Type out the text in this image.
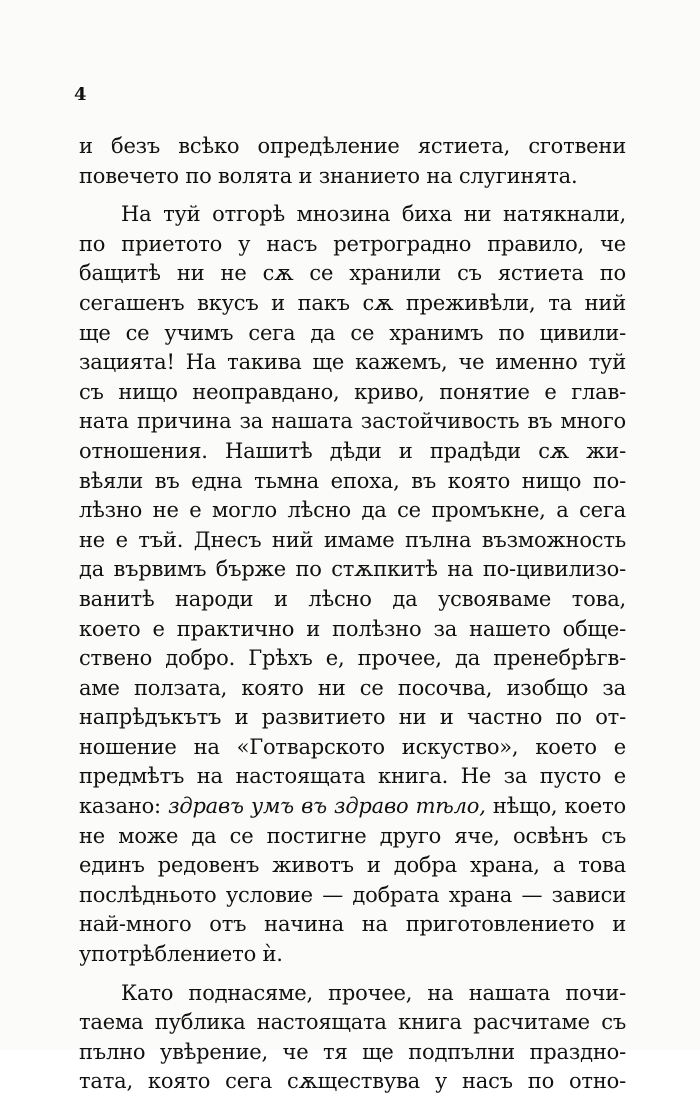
4
и безъ всѣко опредѣление ястиета, сготвени
повечето по волята и знанието на слугинята.
На туй отгорѣ мнозина биха ни натякнали,
по приетото у насъ ретроградно правило, че
бащитѣ ни не сѫ се хранили съ ястиета по
сегашенъ вкусъ и пакъ сѫ преживѣли, та ний
ще се учимъ сега да се хранимъ по цивили-
зацията! На такива ще кажемъ, че именно туй
съ нищо неоправдано, криво, понятие е глав-
ната причина за нашата застойчивость въ много
отношения. Нашитѣ дѣди и прадѣди сѫ жи-
вѣяли въ една тьмна епоха, въ която нищо по-
лѣзно не е могло лѣсно да се промъкне, а сега
не е тъй. Днесъ ний имаме пълна възможность
да вървимъ бърже по стѫпкитѣ на по-цивилизо-
ванитѣ народи и лѣсно да усвояваме това,
което е практично и полѣзно за нашето обще-
ствено добро. Грѣхъ е, прочее, да пренебрѣгв-
аме ползата, която ни се посочва, изобщо за
напрѣдъкътъ и развитието ни и частно по от-
ношение на «Готварското искуство», което е
предмѣтъ на настоящата книга. Не за пусто е
казано: здравъ умъ въ здраво тѣло, нѣщо, което
не може да се постигне друго яче, освѣнъ съ
единъ редовенъ животъ и добра храна, а това
послѣдньото условие — добратa храна — зависи
най-много отъ начина на приготовлението и
употрѣблението ѝ.
Като поднасяме, прочее, на нашата почи-
таема публика настоящата книга расчитаме съ
пълно увѣрение, че тя ще подпълни праздно-
тата, която сега сѫществува у насъ по отно-
